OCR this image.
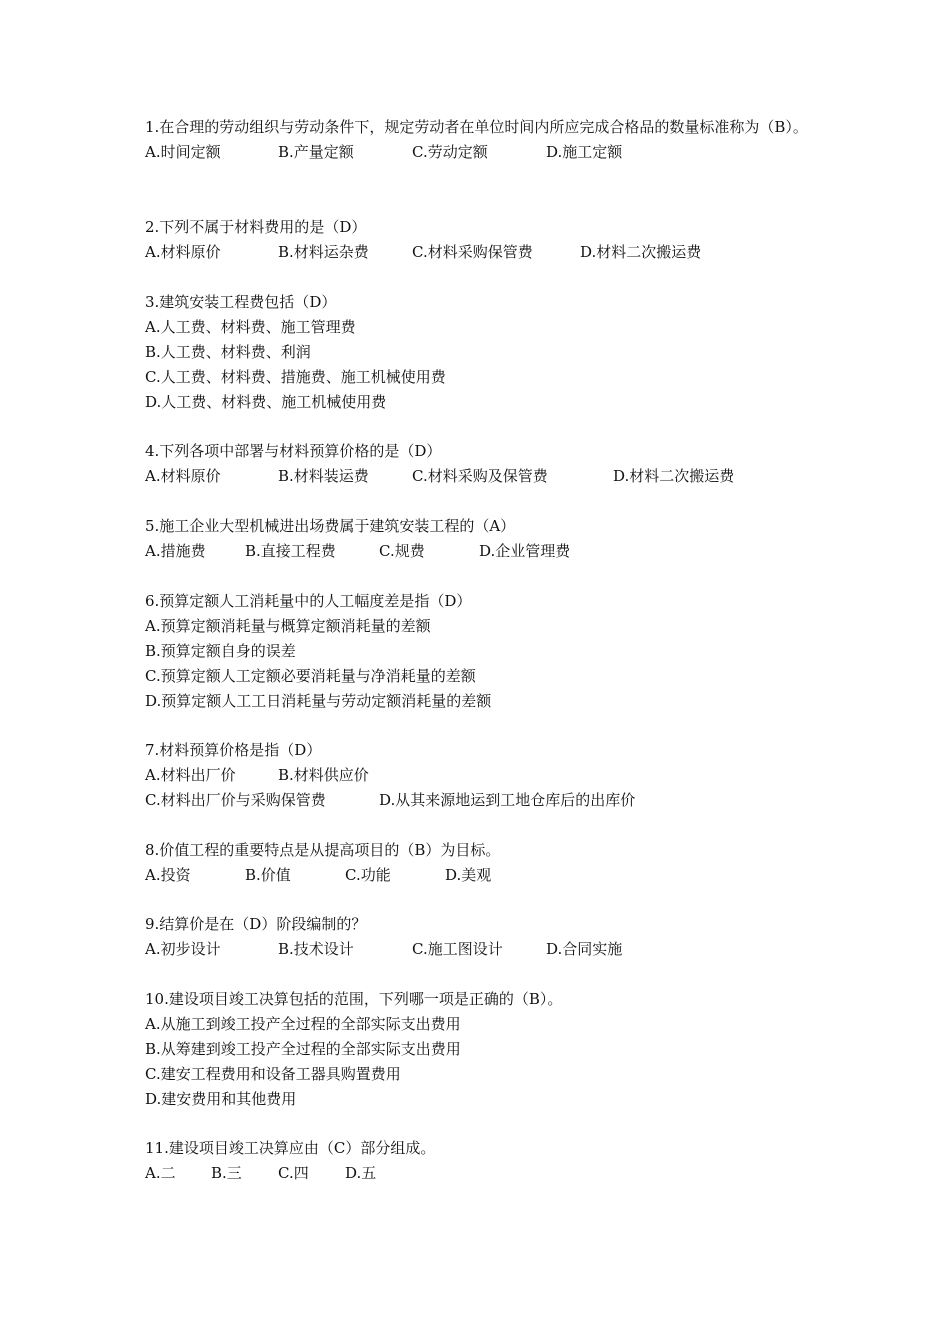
1.在合理的劳动组织与劳动条件下，规定劳动者在单位时间内所应完成合格品的数量标准称为（B）。
A.时间定额	B.产量定额	C.劳动定额	D.施工定额
2.下列不属于材料费用的是（D）
A.材料原价	B.材料运杂费	C.材料采购保管费	D.材料二次搬运费
3.建筑安装工程费包括（D）
A.人工费、材料费、施工管理费
B.人工费、材料费、利润
C.人工费、材料费、措施费、施工机械使用费
D.人工费、材料费、施工机械使用费
4.下列各项中部署与材料预算价格的是（D）
A.材料原价	B.材料装运费	C.材料采购及保管费	D.材料二次搬运费
5.施工企业大型机械进出场费属于建筑安装工程的（A）
A.措施费	B.直接工程费	C.规费	D.企业管理费
6.预算定额人工消耗量中的人工幅度差是指（D）
A.预算定额消耗量与概算定额消耗量的差额
B.预算定额自身的误差
C.预算定额人工定额必要消耗量与净消耗量的差额
D.预算定额人工工日消耗量与劳动定额消耗量的差额
7.材料预算价格是指（D）
A.材料出厂价	B.材料供应价
C.材料出厂价与采购保管费	D.从其来源地运到工地仓库后的出库价
8.价值工程的重要特点是从提高项目的（B）为目标。
A.投资	B.价值	C.功能	D.美观
9.结算价是在（D）阶段编制的？
A.初步设计	B.技术设计	C.施工图设计	D.合同实施
10.建设项目竣工决算包括的范围，下列哪一项是正确的（B）。
A.从施工到竣工投产全过程的全部实际支出费用
B.从筹建到竣工投产全过程的全部实际支出费用
C.建安工程费用和设备工器具购置费用
D.建安费用和其他费用
11.建设项目竣工决算应由（C）部分组成。
A.二 B.三 C.四 D.五
